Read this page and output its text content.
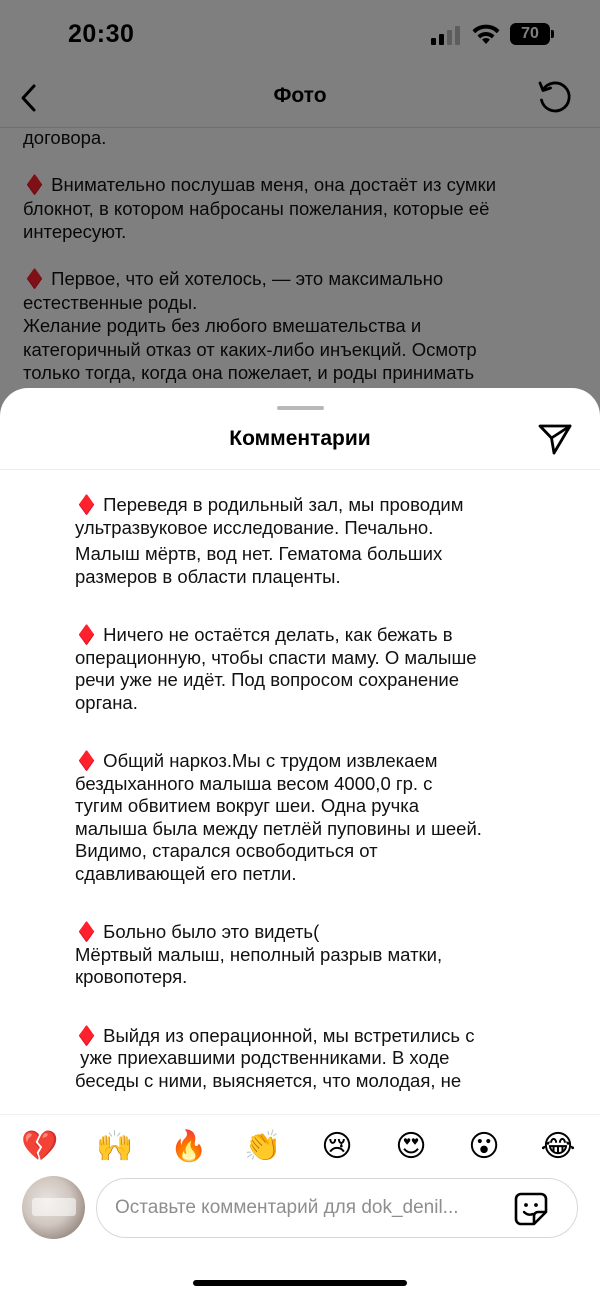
Комментарии
♦️ Переведя в родильный зал, мы проводим
ультразвуковое исследование. Печально.
Малыш мёртв, вод нет. Гематома больших
размеров в области плаценты.
♦️ Ничего не остаётся делать, как бежать в
операционную, чтобы спасти маму. О малыше
речи уже не идёт. Под вопросом сохранение
органа.
♦️ Общий наркоз.Мы с трудом извлекаем
бездыханного малыша весом 4000,0 гр. с
тугим обвитием вокруг шеи. Одна ручка
малыша была между петлёй пуповины и шеей.
Видимо, старался освободиться от
сдавливающей его петли.
♦️ Больно было это видеть(
Мёртвый малыш, неполный разрыв матки,
кровопотеря.
♦️ Выйдя из операционной, мы встретились с
уже приехавшими родственниками. В ходе
беседы с ними, выясняется, что молодая, не
💔 🙌 🔥 👏 😢 😍 😮 😂
Оставьте комментарий для dok_denil...
